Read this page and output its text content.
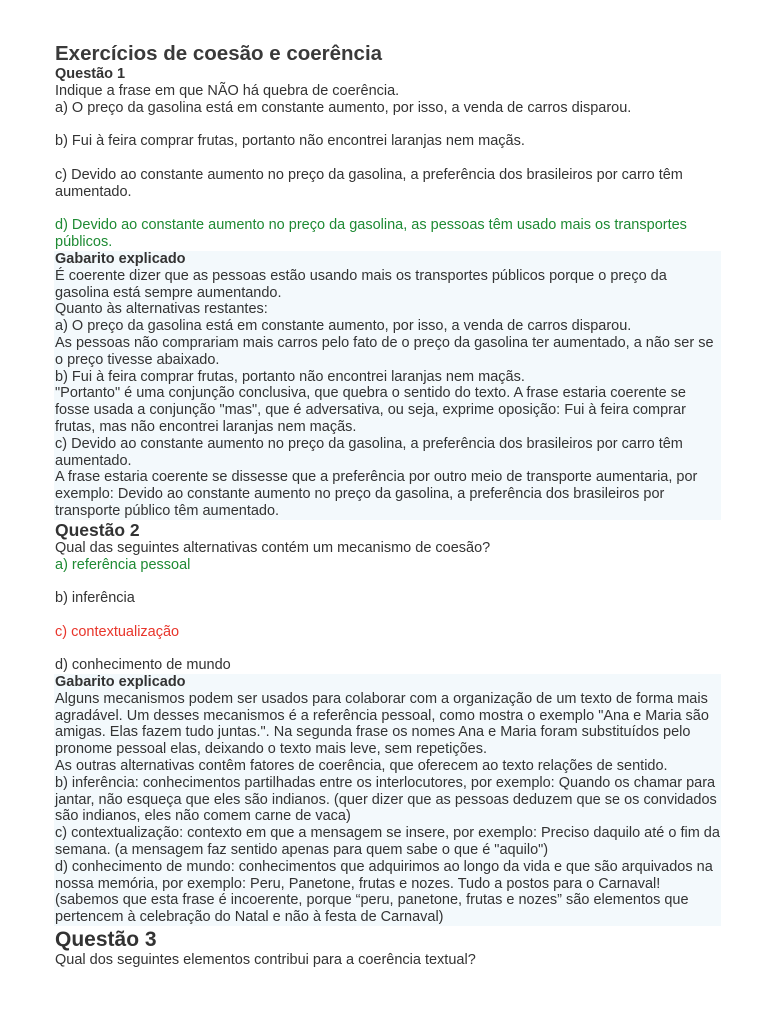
Exercícios de coesão e coerência

Questão 1

Indique a frase em que NÃO há quebra de coerência.

a) O preço da gasolina está em constante aumento, por isso, a venda de carros disparou.

b) Fui à feira comprar frutas, portanto não encontrei laranjas nem maçãs.

c) Devido ao constante aumento no preço da gasolina, a preferência dos brasileiros por carro têm aumentado.

d) Devido ao constante aumento no preço da gasolina, as pessoas têm usado mais os transportes públicos.

Gabarito explicado

É coerente dizer que as pessoas estão usando mais os transportes públicos porque o preço da gasolina está sempre aumentando.

Quanto às alternativas restantes:

a) O preço da gasolina está em constante aumento, por isso, a venda de carros disparou.

As pessoas não comprariam mais carros pelo fato de o preço da gasolina ter aumentado, a não ser se o preço tivesse abaixado.

b) Fui à feira comprar frutas, portanto não encontrei laranjas nem maçãs.

"Portanto" é uma conjunção conclusiva, que quebra o sentido do texto. A frase estaria coerente se fosse usada a conjunção "mas", que é adversativa, ou seja, exprime oposição: Fui à feira comprar frutas, mas não encontrei laranjas nem maçãs.

c) Devido ao constante aumento no preço da gasolina, a preferência dos brasileiros por carro têm aumentado.

A frase estaria coerente se dissesse que a preferência por outro meio de transporte aumentaria, por exemplo: Devido ao constante aumento no preço da gasolina, a preferência dos brasileiros por transporte público têm aumentado.

Questão 2

Qual das seguintes alternativas contém um mecanismo de coesão?

a) referência pessoal

b) inferência

c) contextualização

d) conhecimento de mundo

Gabarito explicado

Alguns mecanismos podem ser usados para colaborar com a organização de um texto de forma mais agradável. Um desses mecanismos é a referência pessoal, como mostra o exemplo "Ana e Maria são amigas. Elas fazem tudo juntas.". Na segunda frase os nomes Ana e Maria foram substituídos pelo pronome pessoal elas, deixando o texto mais leve, sem repetições.

As outras alternativas contêm fatores de coerência, que oferecem ao texto relações de sentido.

b) inferência: conhecimentos partilhadas entre os interlocutores, por exemplo: Quando os chamar para jantar, não esqueça que eles são indianos. (quer dizer que as pessoas deduzem que se os convidados são indianos, eles não comem carne de vaca)

c) contextualização: contexto em que a mensagem se insere, por exemplo: Preciso daquilo até o fim da semana. (a mensagem faz sentido apenas para quem sabe o que é "aquilo")

d) conhecimento de mundo: conhecimentos que adquirimos ao longo da vida e que são arquivados na nossa memória, por exemplo: Peru, Panetone, frutas e nozes. Tudo a postos para o Carnaval! (sabemos que esta frase é incoerente, porque “peru, panetone, frutas e nozes” são elementos que pertencem à celebração do Natal e não à festa de Carnaval)

Questão 3

Qual dos seguintes elementos contribui para a coerência textual?
